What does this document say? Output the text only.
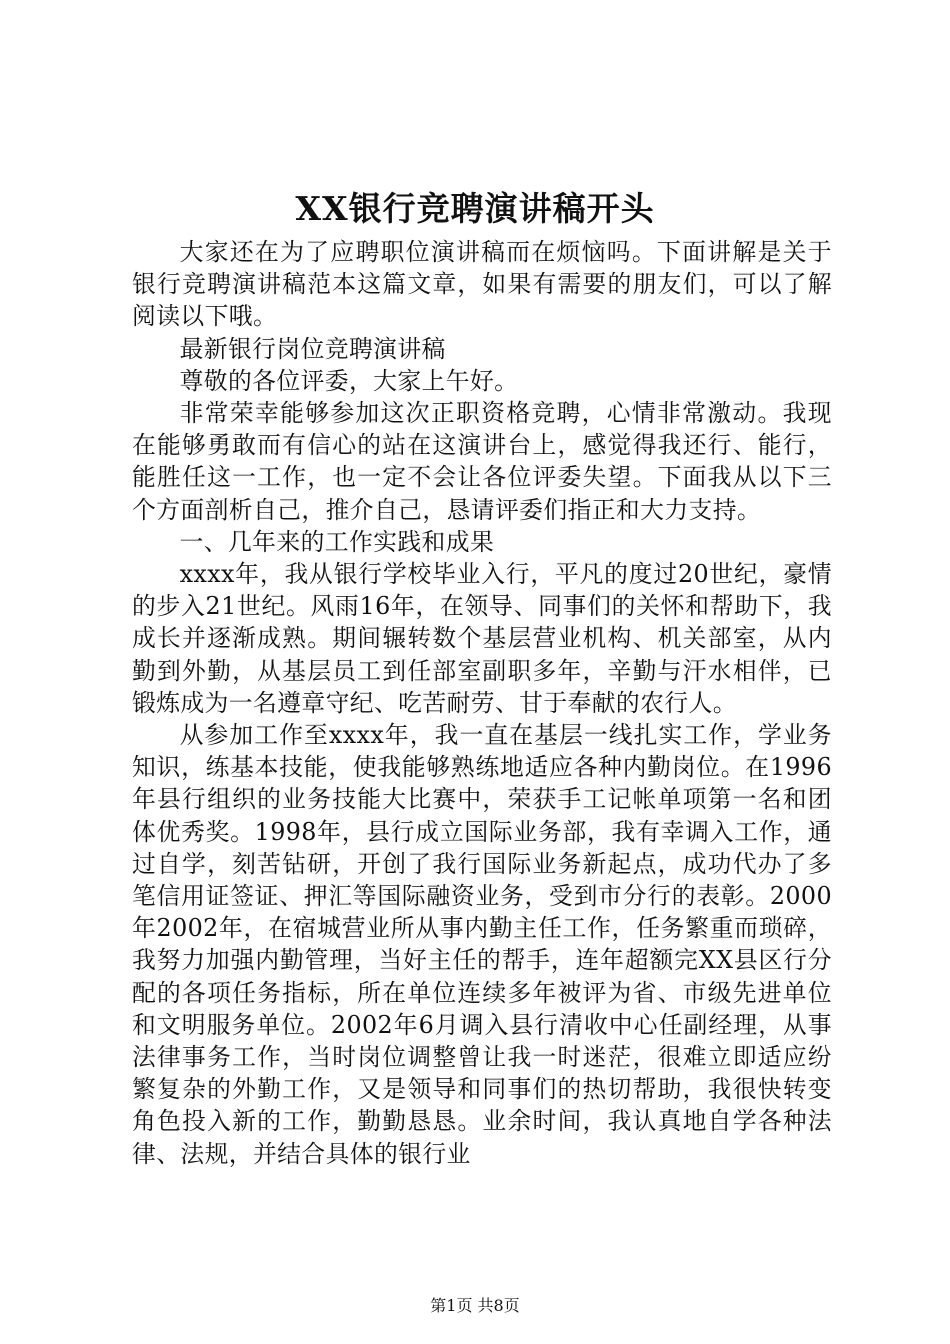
XX银行竞聘演讲稿开头

大家还在为了应聘职位演讲稿而在烦恼吗。下面讲解是关于银行竞聘演讲稿范本这篇文章，如果有需要的朋友们，可以了解阅读以下哦。

最新银行岗位竞聘演讲稿

尊敬的各位评委，大家上午好。

非常荣幸能够参加这次正职资格竞聘，心情非常激动。我现在能够勇敢而有信心的站在这演讲台上，感觉得我还行、能行，能胜任这一工作，也一定不会让各位评委失望。下面我从以下三个方面剖析自己，推介自己，恳请评委们指正和大力支持。

一、几年来的工作实践和成果

xxxx年，我从银行学校毕业入行，平凡的度过20世纪，豪情的步入21世纪。风雨16年，在领导、同事们的关怀和帮助下，我成长并逐渐成熟。期间辗转数个基层营业机构、机关部室，从内勤到外勤，从基层员工到任部室副职多年，辛勤与汗水相伴，已锻炼成为一名遵章守纪、吃苦耐劳、甘于奉献的农行人。

从参加工作至xxxx年，我一直在基层一线扎实工作，学业务知识，练基本技能，使我能够熟练地适应各种内勤岗位。在1996年县行组织的业务技能大比赛中，荣获手工记帐单项第一名和团体优秀奖。1998年，县行成立国际业务部，我有幸调入工作，通过自学，刻苦钻研，开创了我行国际业务新起点，成功代办了多笔信用证签证、押汇等国际融资业务，受到市分行的表彰。2000年2002年，在宿城营业所从事内勤主任工作，任务繁重而琐碎，我努力加强内勤管理，当好主任的帮手，连年超额完XX县区行分配的各项任务指标，所在单位连续多年被评为省、市级先进单位和文明服务单位。2002年6月调入县行清收中心任副经理，从事法律事务工作，当时岗位调整曾让我一时迷茫，很难立即适应纷繁复杂的外勤工作，又是领导和同事们的热切帮助，我很快转变角色投入新的工作，勤勤恳恳。业余时间，我认真地自学各种法律、法规，并结合具体的银行业

第1页 共8页
